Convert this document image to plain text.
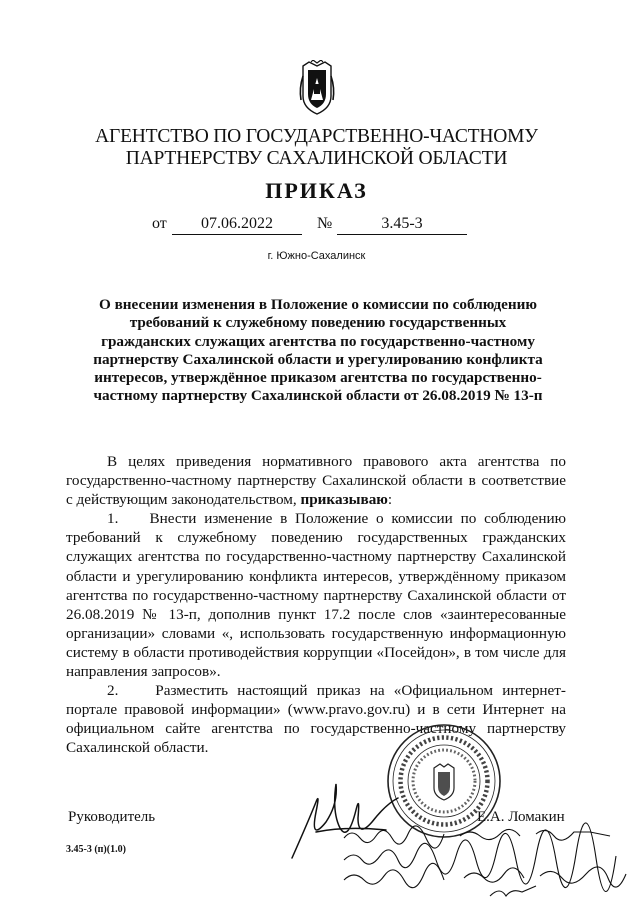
АГЕНТСТВО ПО ГОСУДАРСТВЕННО-ЧАСТНОМУ
ПАРТНЕРСТВУ САХАЛИНСКОЙ ОБЛАСТИ
ПРИКАЗ
от	07.06.2022	№	3.45-3
г. Южно-Сахалинск
О внесении изменения в Положение о комиссии по соблюдению требований к служебному поведению государственных гражданских служащих агентства по государственно-частному партнерству Сахалинской области и урегулированию конфликта интересов, утверждённое приказом агентства по государственно-частному партнерству Сахалинской области от 26.08.2019 № 13-п

В целях приведения нормативного правового акта агентства по государственно-частному партнерству Сахалинской области в соответствие с действующим законодательством, приказываю:

1.    Внести изменение в Положение о комиссии по соблюдению требований к служебному поведению государственных гражданских служащих агентства по государственно-частному партнерству Сахалинской области и урегулированию конфликта интересов, утверждённому приказом агентства по государственно-частному партнерству Сахалинской области от 26.08.2019 № 13-п, дополнив пункт 17.2 после слов «заинтересованные организации» словами «, использовать государственную информационную систему в области противодействия коррупции «Посейдон», в том числе для направления запросов».

2.    Разместить настоящий приказ на «Официальном интернет-портале правовой информации» (www.pravo.gov.ru) и в сети Интернет на официальном сайте агентства по государственно-частному партнерству Сахалинской области.

Руководитель	Е.А. Ломакин
3.45-3 (п)(1.0)
